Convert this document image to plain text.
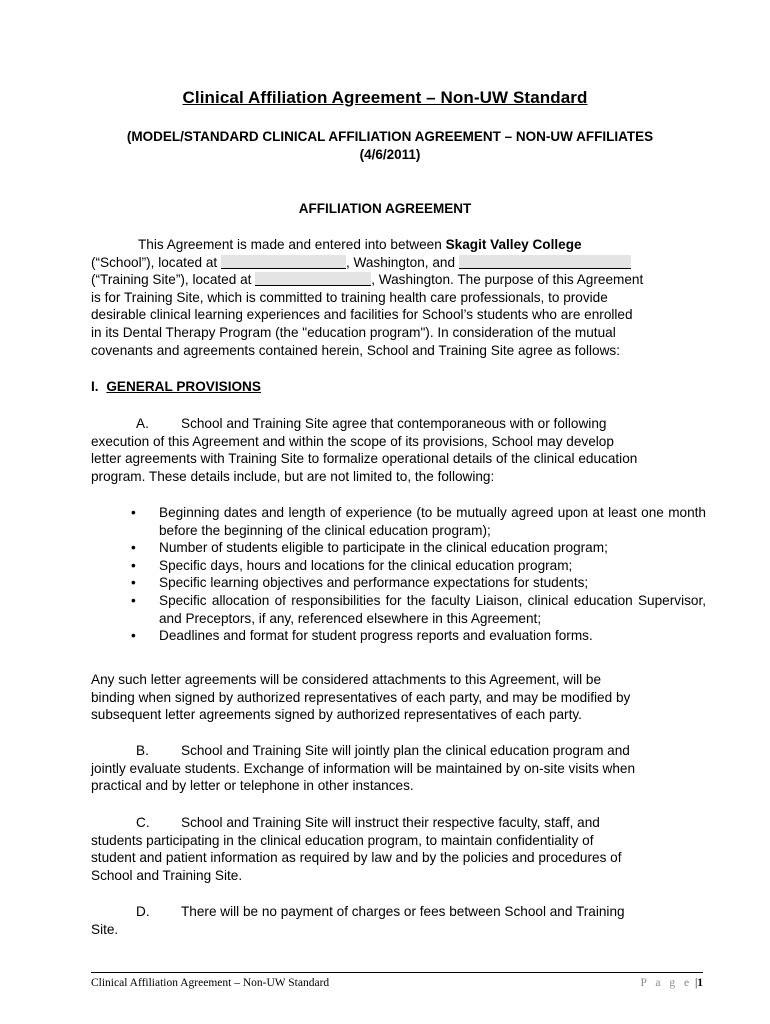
Clinical Affiliation Agreement – Non-UW Standard
(MODEL/STANDARD CLINICAL AFFILIATION AGREEMENT – NON-UW AFFILIATES
(4/6/2011)
AFFILIATION AGREEMENT
This Agreement is made and entered into between Skagit Valley College
(“School”), located at	, Washington, and
(“Training Site”), located at	, Washington. The purpose of this Agreement
is for Training Site, which is committed to training health care professionals, to provide
desirable clinical learning experiences and facilities for School’s students who are enrolled
in its Dental Therapy Program (the "education program"). In consideration of the mutual
covenants and agreements contained herein, School and Training Site agree as follows:
I. GENERAL PROVISIONS
A. School and Training Site agree that contemporaneous with or following
execution of this Agreement and within the scope of its provisions, School may develop
letter agreements with Training Site to formalize operational details of the clinical education
program. These details include, but are not limited to, the following:
• Beginning dates and length of experience (to be mutually agreed upon at least one month before the beginning of the clinical education program);
• Number of students eligible to participate in the clinical education program;
• Specific days, hours and locations for the clinical education program;
• Specific learning objectives and performance expectations for students;
• Specific allocation of responsibilities for the faculty Liaison, clinical education Supervisor, and Preceptors, if any, referenced elsewhere in this Agreement;
• Deadlines and format for student progress reports and evaluation forms.
Any such letter agreements will be considered attachments to this Agreement, will be
binding when signed by authorized representatives of each party, and may be modified by
subsequent letter agreements signed by authorized representatives of each party.
B. School and Training Site will jointly plan the clinical education program and
jointly evaluate students. Exchange of information will be maintained by on-site visits when
practical and by letter or telephone in other instances.
C. School and Training Site will instruct their respective faculty, staff, and
students participating in the clinical education program, to maintain confidentiality of
student and patient information as required by law and by the policies and procedures of
School and Training Site.
D. There will be no payment of charges or fees between School and Training
Site.
Clinical Affiliation Agreement – Non-UW Standard	P a g e |1
